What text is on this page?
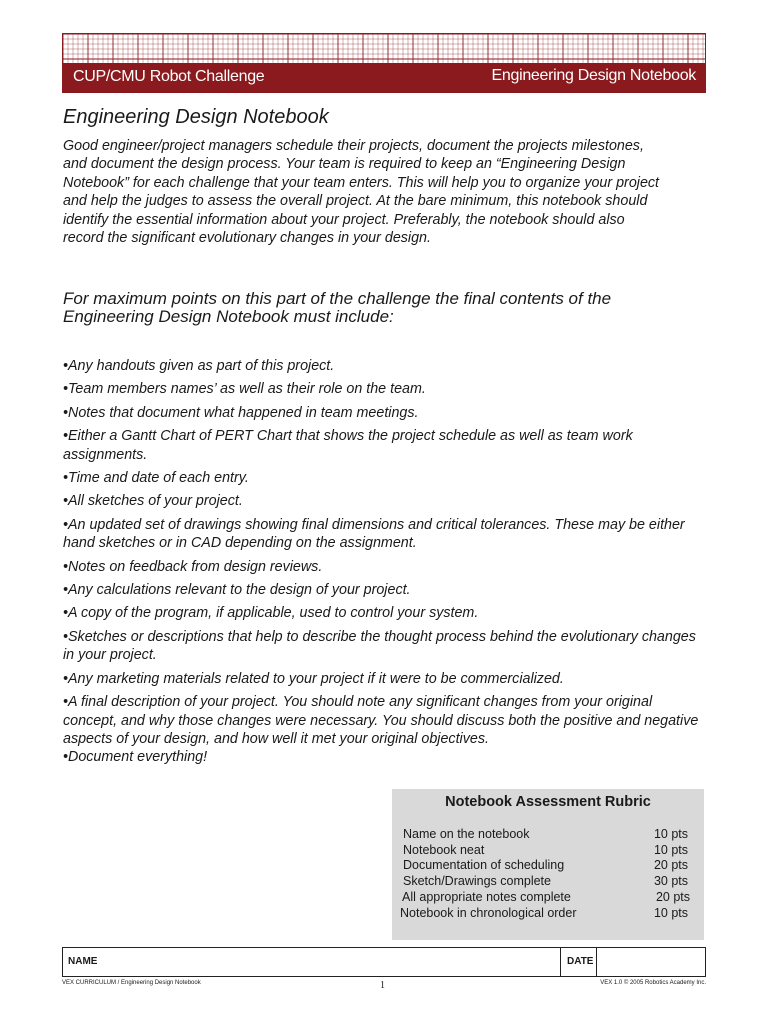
CUP/CMU Robot Challenge	Engineering Design Notebook
Engineering Design Notebook

Good engineer/project managers schedule their projects, document the projects milestones, and document the design process. Your team is required to keep an “Engineering Design Notebook” for each challenge that your team enters. This will help you to organize your project and help the judges to assess the overall project. At the bare minimum, this notebook should identify the essential information about your project. Preferably, the notebook should also record the significant evolutionary changes in your design.

For maximum points on this part of the challenge the final contents of the Engineering Design Notebook must include:

•Any handouts given as part of this project.
•Team members names’ as well as their role on the team.
•Notes that document what happened in team meetings.
•Either a Gantt Chart of PERT Chart that shows the project schedule as well as team work assignments.
•Time and date of each entry.
•All sketches of your project.
•An updated set of drawings showing final dimensions and critical tolerances. These may be either hand sketches or in CAD depending on the assignment.
•Notes on feedback from design reviews.
•Any calculations relevant to the design of your project.
•A copy of the program, if applicable, used to control your system.
•Sketches or descriptions that help to describe the thought process behind the evolutionary changes in your project.
•Any marketing materials related to your project if it were to be commercialized.
•A final description of your project. You should note any significant changes from your original concept, and why those changes were necessary. You should discuss both the positive and negative aspects of your design, and how well it met your original objectives.
•Document everything!
Notebook Assessment Rubric
Name on the notebook	10 pts
Notebook neat	10 pts
Documentation of scheduling	20 pts
Sketch/Drawings complete	30 pts
All appropriate notes complete	20 pts
Notebook in chronological order	10 pts
NAME	DATE
VEX CURRICULUM / Engineering Design Notebook	1	VEX 1.0 © 2005 Robotics Academy Inc.
